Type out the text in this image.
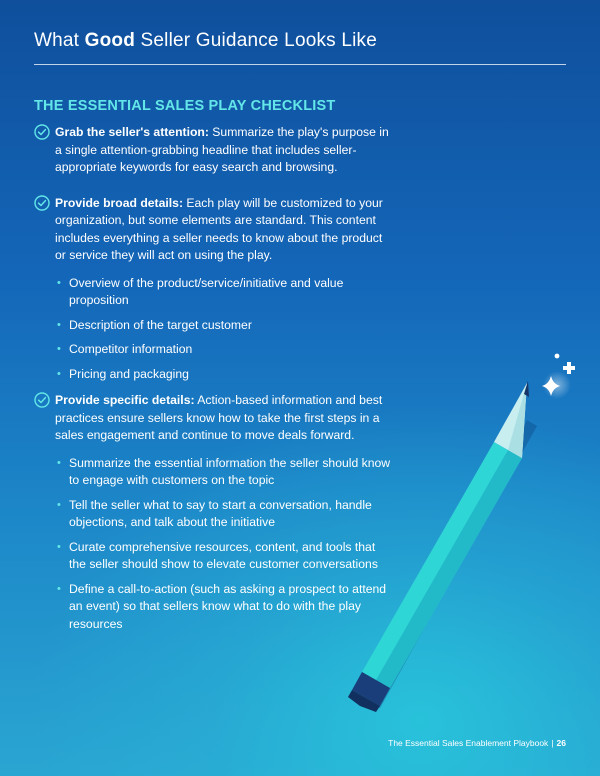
What Good Seller Guidance Looks Like
THE ESSENTIAL SALES PLAY CHECKLIST
Grab the seller's attention: Summarize the play's purpose in a single attention-grabbing headline that includes seller-appropriate keywords for easy search and browsing.
Provide broad details: Each play will be customized to your organization, but some elements are standard. This content includes everything a seller needs to know about the product or service they will act on using the play.
• Overview of the product/service/initiative and value proposition
• Description of the target customer
• Competitor information
• Pricing and packaging
Provide specific details: Action-based information and best practices ensure sellers know how to take the first steps in a sales engagement and continue to move deals forward.
• Summarize the essential information the seller should know to engage with customers on the topic
• Tell the seller what to say to start a conversation, handle objections, and talk about the initiative
• Curate comprehensive resources, content, and tools that the seller should show to elevate customer conversations
• Define a call-to-action (such as asking a prospect to attend an event) so that sellers know what to do with the play resources
The Essential Sales Enablement Playbook | 26
